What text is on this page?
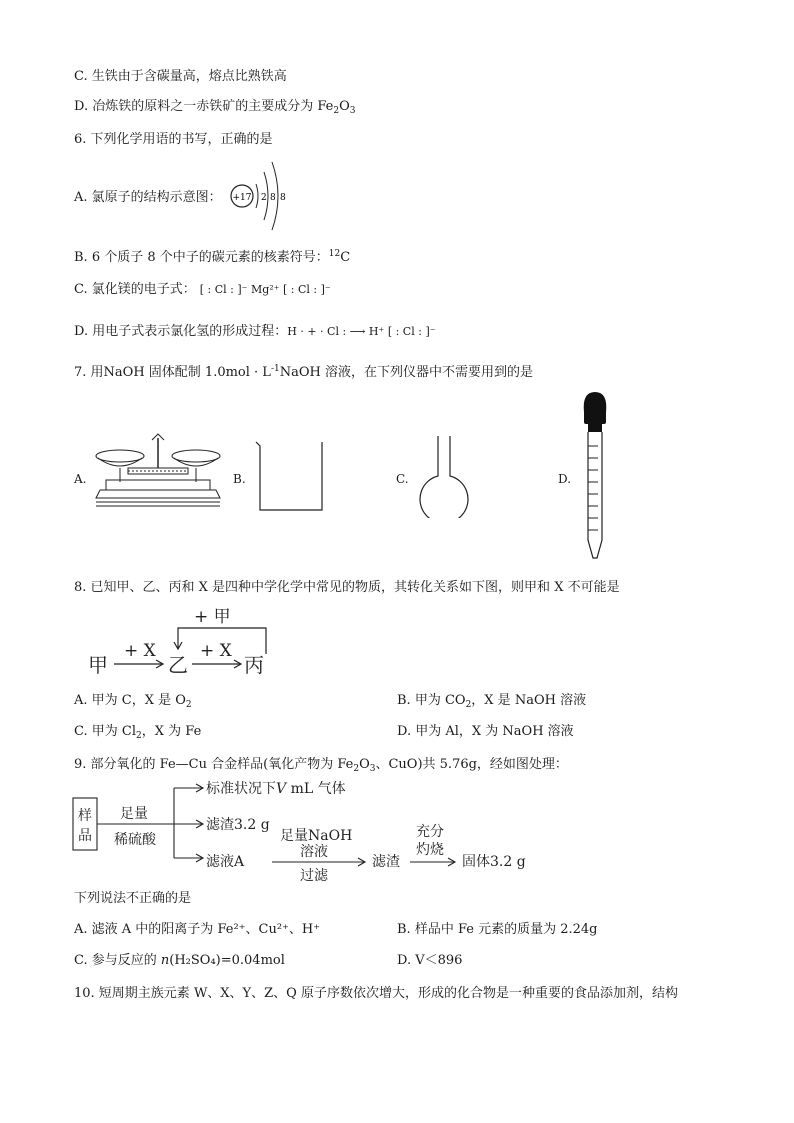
C. 生铁由于含碳量高，熔点比熟铁高
D. 冶炼铁的原料之一赤铁矿的主要成分为 $Fe_2O_3$
6. 下列化学用语的书写，正确的是
A. 氯原子的结构示意图： +17 2 8 8
B. 6 个质子 8 个中子的碳元素的核素符号：$^{12}$C
C. 氯化镁的电子式： [ : Cl : ]⁻ Mg²⁺ [ : Cl : ]⁻
D. 用电子式表示氯化氢的形成过程：H · + · Cl : ⟶ H⁺ [ : Cl : ]⁻
7. 用NaOH 固体配制 $1.0mol \cdot L^{-1}NaOH$ 溶液，在下列仪器中不需要用到的是
A.	B.	C.	D.
8. 已知甲、乙、丙和 X 是四种中学化学中常见的物质，其转化关系如下图，则甲和 X 不可能是
+ 甲
甲
+ X
乙
+ X
丙
A. 甲为 C，X 是 $O_2$	B. 甲为 $CO_2$，X 是 NaOH 溶液
C. 甲为 $Cl_2$，X 为 Fe	D. 甲为 Al，X 为 NaOH 溶液
9. 部分氧化的 Fe—Cu 合金样品(氧化产物为 $Fe_2O_3$、CuO)共 5.76g，经如图处理：
样
品
足量
稀硫酸
标准状况下V mL 气体
滤渣3.2 g
滤液A
足量NaOH
溶液
过滤
滤渣
充分
灼烧
固体3.2 g
下列说法不正确的是
A. 滤液 A 中的阳离子为 Fe²⁺、Cu²⁺、H⁺	B. 样品中 Fe 元素的质量为 2.24g
C. 参与反应的 n(H₂SO₄)=0.04mol	D. V＜896
10. 短周期主族元素 W、X、Y、Z、Q 原子序数依次增大，形成的化合物是一种重要的食品添加剂，结构
